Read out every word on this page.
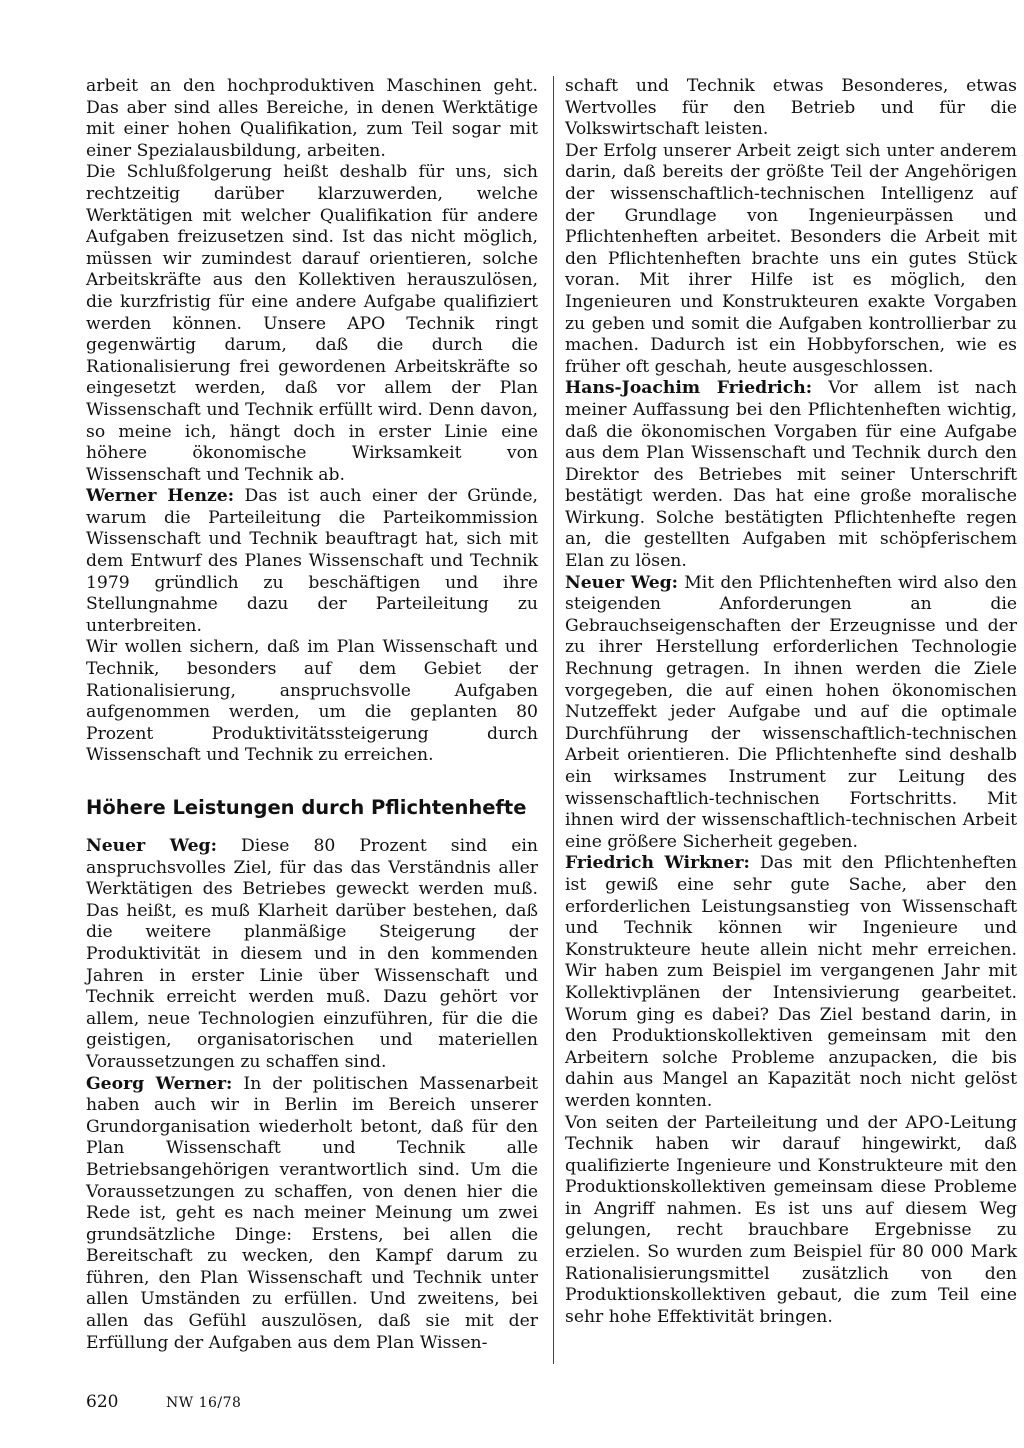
arbeit an den hochproduktiven Maschinen geht. Das aber sind alles Bereiche, in denen Werktätige mit einer hohen Qualifikation, zum Teil sogar mit einer Spezialausbildung, arbeiten.

Die Schlußfolgerung heißt deshalb für uns, sich rechtzeitig darüber klarzuwerden, welche Werktätigen mit welcher Qualifikation für andere Aufgaben freizusetzen sind. Ist das nicht möglich, müssen wir zumindest darauf orientieren, solche Arbeitskräfte aus den Kollektiven herauszulösen, die kurzfristig für eine andere Aufgabe qualifiziert werden können. Unsere APO Technik ringt gegenwärtig darum, daß die durch die Rationalisierung frei gewordenen Arbeitskräfte so eingesetzt werden, daß vor allem der Plan Wissenschaft und Technik erfüllt wird. Denn davon, so meine ich, hängt doch in erster Linie eine höhere ökonomische Wirksamkeit von Wissenschaft und Technik ab.

Werner Henze: Das ist auch einer der Gründe, warum die Parteileitung die Parteikommission Wissenschaft und Technik beauftragt hat, sich mit dem Entwurf des Planes Wissenschaft und Technik 1979 gründlich zu beschäftigen und ihre Stellungnahme dazu der Parteileitung zu unterbreiten.

Wir wollen sichern, daß im Plan Wissenschaft und Technik, besonders auf dem Gebiet der Rationalisierung, anspruchsvolle Aufgaben aufgenommen werden, um die geplanten 80 Prozent Produktivitätssteigerung durch Wissenschaft und Technik zu erreichen.

Höhere Leistungen durch Pflichtenhefte

Neuer Weg: Diese 80 Prozent sind ein anspruchsvolles Ziel, für das das Verständnis aller Werktätigen des Betriebes geweckt werden muß. Das heißt, es muß Klarheit darüber bestehen, daß die weitere planmäßige Steigerung der Produktivität in diesem und in den kommenden Jahren in erster Linie über Wissenschaft und Technik erreicht werden muß. Dazu gehört vor allem, neue Technologien einzuführen, für die die geistigen, organisatorischen und materiellen Voraussetzungen zu schaffen sind.

Georg Werner: In der politischen Massenarbeit haben auch wir in Berlin im Bereich unserer Grundorganisation wiederholt betont, daß für den Plan Wissenschaft und Technik alle Betriebsangehörigen verantwortlich sind. Um die Voraussetzungen zu schaffen, von denen hier die Rede ist, geht es nach meiner Meinung um zwei grundsätzliche Dinge: Erstens, bei allen die Bereitschaft zu wecken, den Kampf darum zu führen, den Plan Wissenschaft und Technik unter allen Umständen zu erfüllen. Und zweitens, bei allen das Gefühl auszulösen, daß sie mit der Erfüllung der Aufgaben aus dem Plan Wissen-

schaft und Technik etwas Besonderes, etwas Wertvolles für den Betrieb und für die Volkswirtschaft leisten.

Der Erfolg unserer Arbeit zeigt sich unter anderem darin, daß bereits der größte Teil der Angehörigen der wissenschaftlich-technischen Intelligenz auf der Grundlage von Ingenieurpässen und Pflichtenheften arbeitet. Besonders die Arbeit mit den Pflichtenheften brachte uns ein gutes Stück voran. Mit ihrer Hilfe ist es möglich, den Ingenieuren und Konstrukteuren exakte Vorgaben zu geben und somit die Aufgaben kontrollierbar zu machen. Dadurch ist ein Hobbyforschen, wie es früher oft geschah, heute ausgeschlossen.

Hans-Joachim Friedrich: Vor allem ist nach meiner Auffassung bei den Pflichtenheften wichtig, daß die ökonomischen Vorgaben für eine Aufgabe aus dem Plan Wissenschaft und Technik durch den Direktor des Betriebes mit seiner Unterschrift bestätigt werden. Das hat eine große moralische Wirkung. Solche bestätigten Pflichtenhefte regen an, die gestellten Aufgaben mit schöpferischem Elan zu lösen.

Neuer Weg: Mit den Pflichtenheften wird also den steigenden Anforderungen an die Gebrauchseigenschaften der Erzeugnisse und der zu ihrer Herstellung erforderlichen Technologie Rechnung getragen. In ihnen werden die Ziele vorgegeben, die auf einen hohen ökonomischen Nutzeffekt jeder Aufgabe und auf die optimale Durchführung der wissenschaftlich-technischen Arbeit orientieren. Die Pflichtenhefte sind deshalb ein wirksames Instrument zur Leitung des wissenschaftlich-technischen Fortschritts. Mit ihnen wird der wissenschaftlich-technischen Arbeit eine größere Sicherheit gegeben.

Friedrich Wirkner: Das mit den Pflichtenheften ist gewiß eine sehr gute Sache, aber den erforderlichen Leistungsanstieg von Wissenschaft und Technik können wir Ingenieure und Konstrukteure heute allein nicht mehr erreichen. Wir haben zum Beispiel im vergangenen Jahr mit Kollektivplänen der Intensivierung gearbeitet. Worum ging es dabei? Das Ziel bestand darin, in den Produktionskollektiven gemeinsam mit den Arbeitern solche Probleme anzupacken, die bis dahin aus Mangel an Kapazität noch nicht gelöst werden konnten.

Von seiten der Parteileitung und der APO-Leitung Technik haben wir darauf hingewirkt, daß qualifizierte Ingenieure und Konstrukteure mit den Produktionskollektiven gemeinsam diese Probleme in Angriff nahmen. Es ist uns auf diesem Weg gelungen, recht brauchbare Ergebnisse zu erzielen. So wurden zum Beispiel für 80 000 Mark Rationalisierungsmittel zusätzlich von den Produktionskollektiven gebaut, die zum Teil eine sehr hohe Effektivität bringen.

620	NW 16/78
